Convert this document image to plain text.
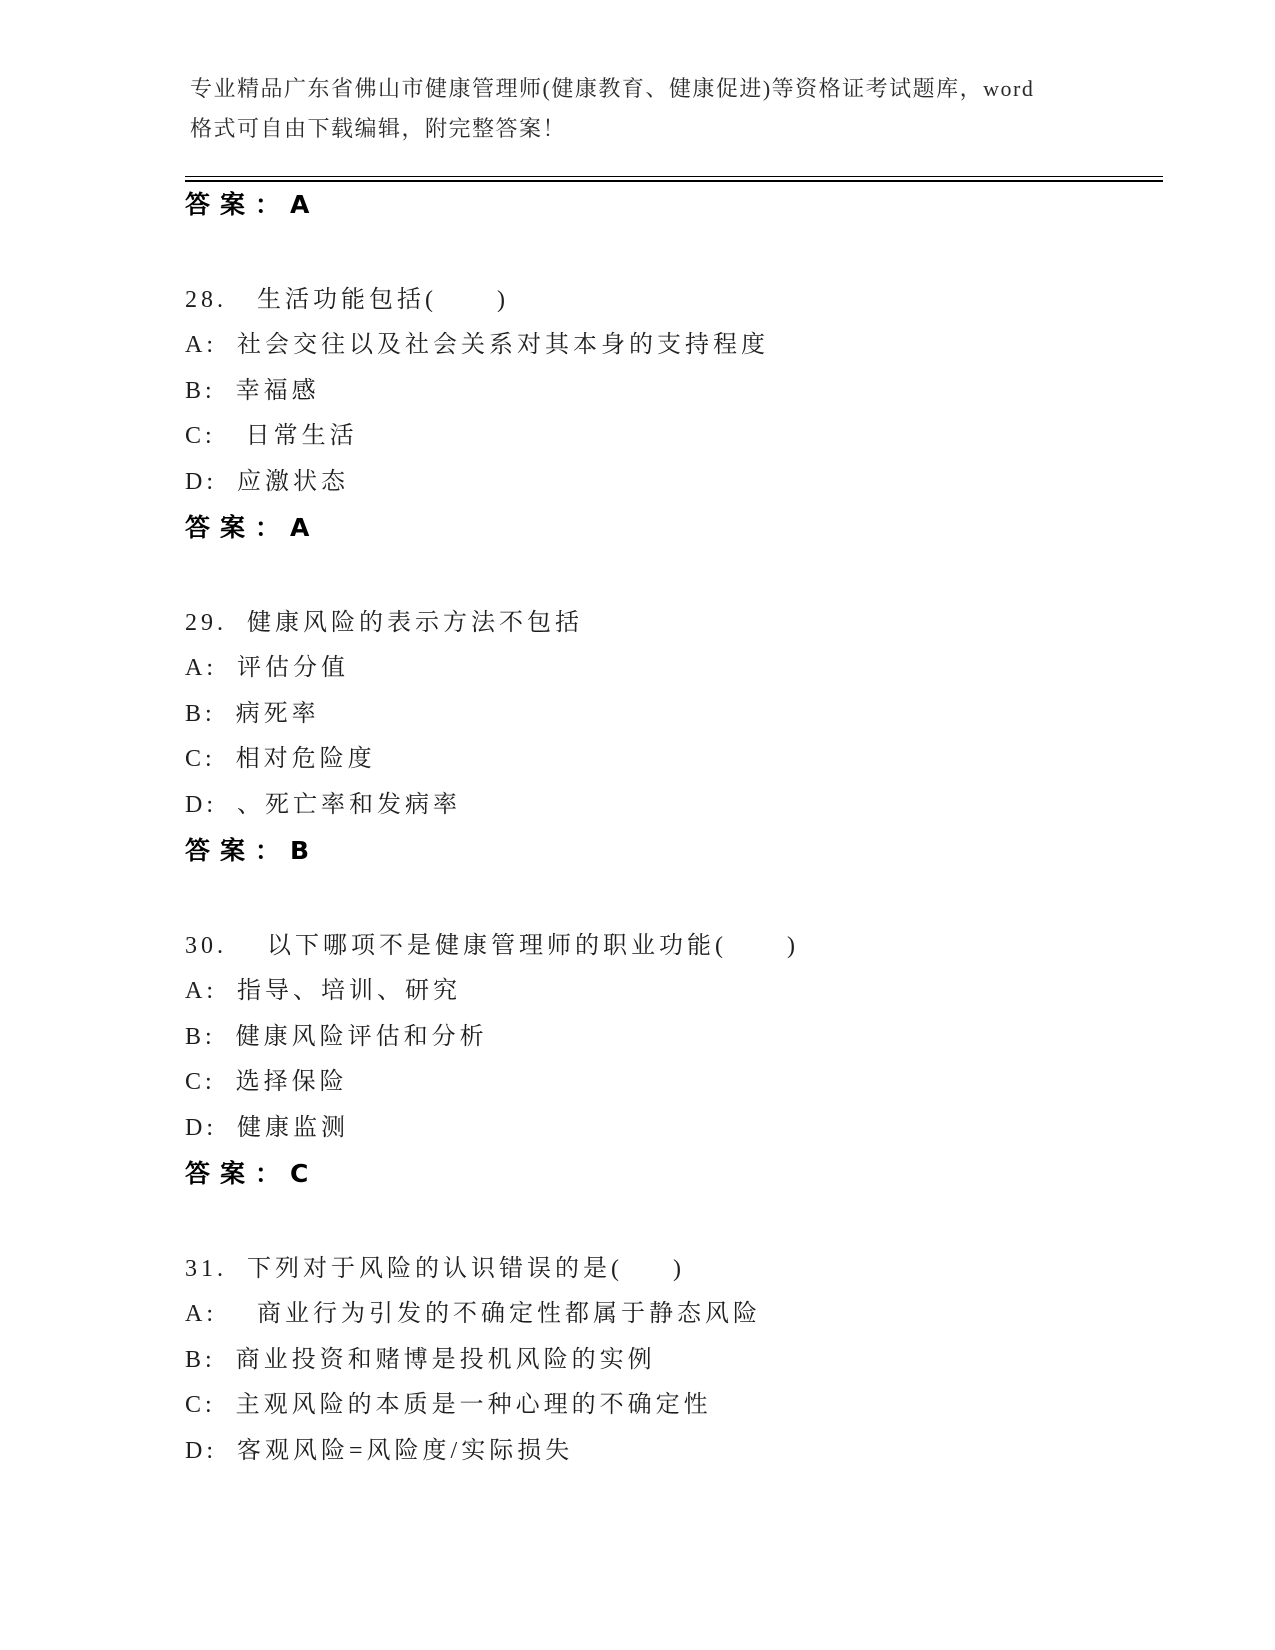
专业精品广东省佛山市健康管理师(健康教育、健康促进)等资格证考试题库，word
格式可自由下载编辑，附完整答案！
答案：A
28.   生活功能包括(      )
A:  社会交往以及社会关系对其本身的支持程度
B:  幸福感
C:   日常生活
D:  应激状态
答案：A
29.  健康风险的表示方法不包括
A:  评估分值
B:  病死率
C:  相对危险度
D:  、死亡率和发病率
答案：B
30.    以下哪项不是健康管理师的职业功能(      )
A:  指导、培训、研究
B:  健康风险评估和分析
C:  选择保险
D:  健康监测
答案：C
31.  下列对于风险的认识错误的是(     )
A:    商业行为引发的不确定性都属于静态风险
B:  商业投资和赌博是投机风险的实例
C:  主观风险的本质是一种心理的不确定性
D:  客观风险=风险度/实际损失
